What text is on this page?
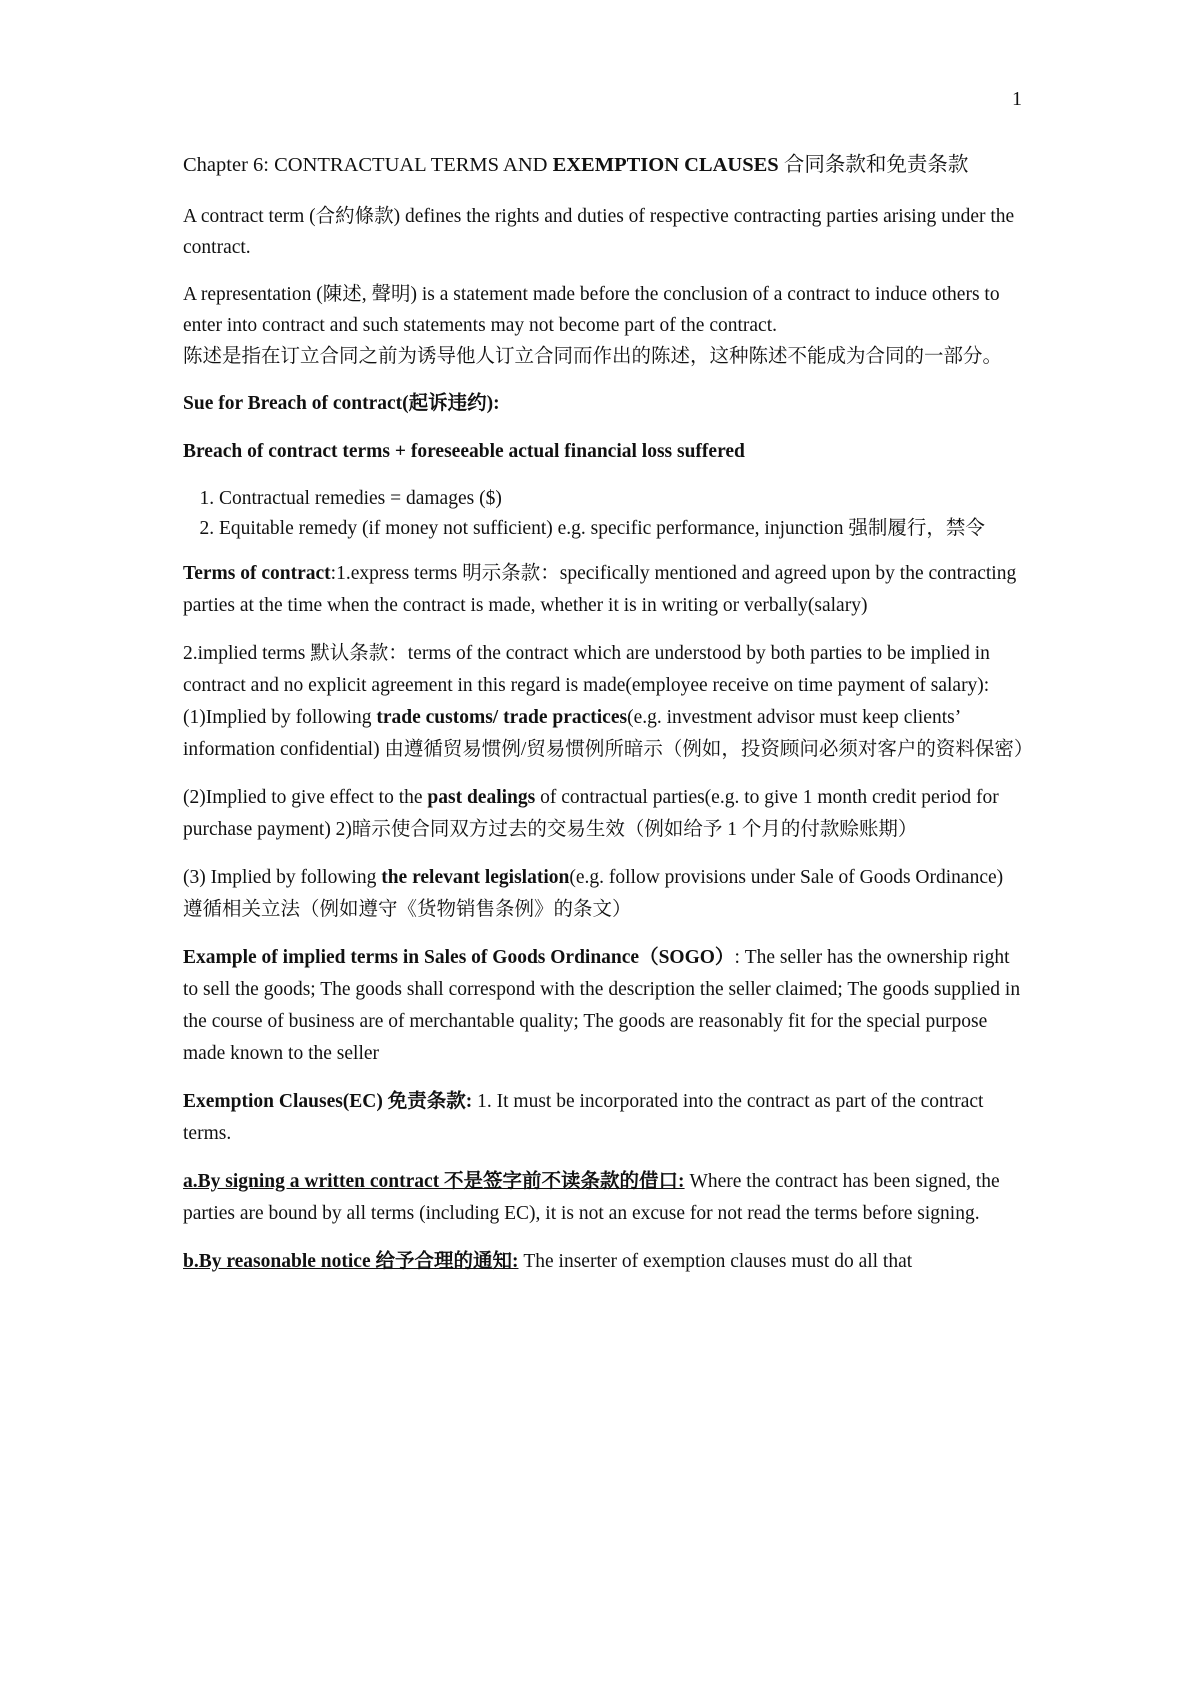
1

Chapter 6: CONTRACTUAL TERMS AND EXEMPTION CLAUSES 合同条款和免责条款

A contract term (合約條款) defines the rights and duties of respective contracting parties arising under the contract.

A representation (陳述, 聲明) is a statement made before the conclusion of a contract to induce others to enter into contract and such statements may not become part of the contract.
陈述是指在订立合同之前为诱导他人订立合同而作出的陈述，这种陈述不能成为合同的一部分。

Sue for Breach of contract(起诉违约):

Breach of contract terms + foreseeable actual financial loss suffered

1. Contractual remedies = damages ($)
2. Equitable remedy (if money not sufficient) e.g. specific performance, injunction 强制履行，禁令

Terms of contract:1.express terms 明示条款：specifically mentioned and agreed upon by the contracting parties at the time when the contract is made, whether it is in writing or verbally(salary)

2.implied terms 默认条款：terms of the contract which are understood by both parties to be implied in contract and no explicit agreement in this regard is made(employee receive on time payment of salary): (1)Implied by following trade customs/ trade practices(e.g. investment advisor must keep clients’ information confidential) 由遵循贸易惯例/贸易惯例所暗示（例如，投资顾问必须对客户的资料保密）

(2)Implied to give effect to the past dealings of contractual parties(e.g. to give 1 month credit period for purchase payment) 2)暗示使合同双方过去的交易生效（例如给予 1 个月的付款赊账期）

(3) Implied by following the relevant legislation(e.g. follow provisions under Sale of Goods Ordinance) 遵循相关立法（例如遵守《货物销售条例》的条文）

Example of implied terms in Sales of Goods Ordinance（SOGO）: The seller has the ownership right to sell the goods; The goods shall correspond with the description the seller claimed; The goods supplied in the course of business are of merchantable quality; The goods are reasonably fit for the special purpose made known to the seller

Exemption Clauses(EC) 免责条款: 1. It must be incorporated into the contract as part of the contract terms.

a.By signing a written contract 不是签字前不读条款的借口: Where the contract has been signed, the parties are bound by all terms (including EC), it is not an excuse for not read the terms before signing.

b.By reasonable notice 给予合理的通知: The inserter of exemption clauses must do all that
